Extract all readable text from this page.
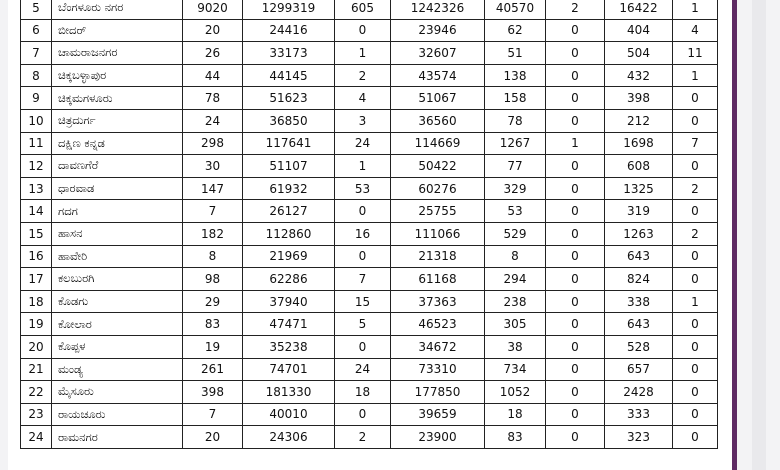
5	ಬೆಂಗಳೂರು ನಗರ	9020	1299319	605	1242326	40570	2	16422	1
6	ಬೀದರ್	20	24416	0	23946	62	0	404	4
7	ಚಾಮರಾಜನಗರ	26	33173	1	32607	51	0	504	11
8	ಚಿಕ್ಕಬಳ್ಳಾಪುರ	44	44145	2	43574	138	0	432	1
9	ಚಿಕ್ಕಮಗಳೂರು	78	51623	4	51067	158	0	398	0
10	ಚಿತ್ರದುರ್ಗ	24	36850	3	36560	78	0	212	0
11	ದಕ್ಷಿಣ ಕನ್ನಡ	298	117641	24	114669	1267	1	1698	7
12	ದಾವಣಗೆರೆ	30	51107	1	50422	77	0	608	0
13	ಧಾರವಾಡ	147	61932	53	60276	329	0	1325	2
14	ಗದಗ	7	26127	0	25755	53	0	319	0
15	ಹಾಸನ	182	112860	16	111066	529	0	1263	2
16	ಹಾವೇರಿ	8	21969	0	21318	8	0	643	0
17	ಕಲಬುರಗಿ	98	62286	7	61168	294	0	824	0
18	ಕೊಡಗು	29	37940	15	37363	238	0	338	1
19	ಕೋಲಾರ	83	47471	5	46523	305	0	643	0
20	ಕೊಪ್ಪಳ	19	35238	0	34672	38	0	528	0
21	ಮಂಡ್ಯ	261	74701	24	73310	734	0	657	0
22	ಮೈಸೂರು	398	181330	18	177850	1052	0	2428	0
23	ರಾಯಚೂರು	7	40010	0	39659	18	0	333	0
24	ರಾಮನಗರ	20	24306	2	23900	83	0	323	0
